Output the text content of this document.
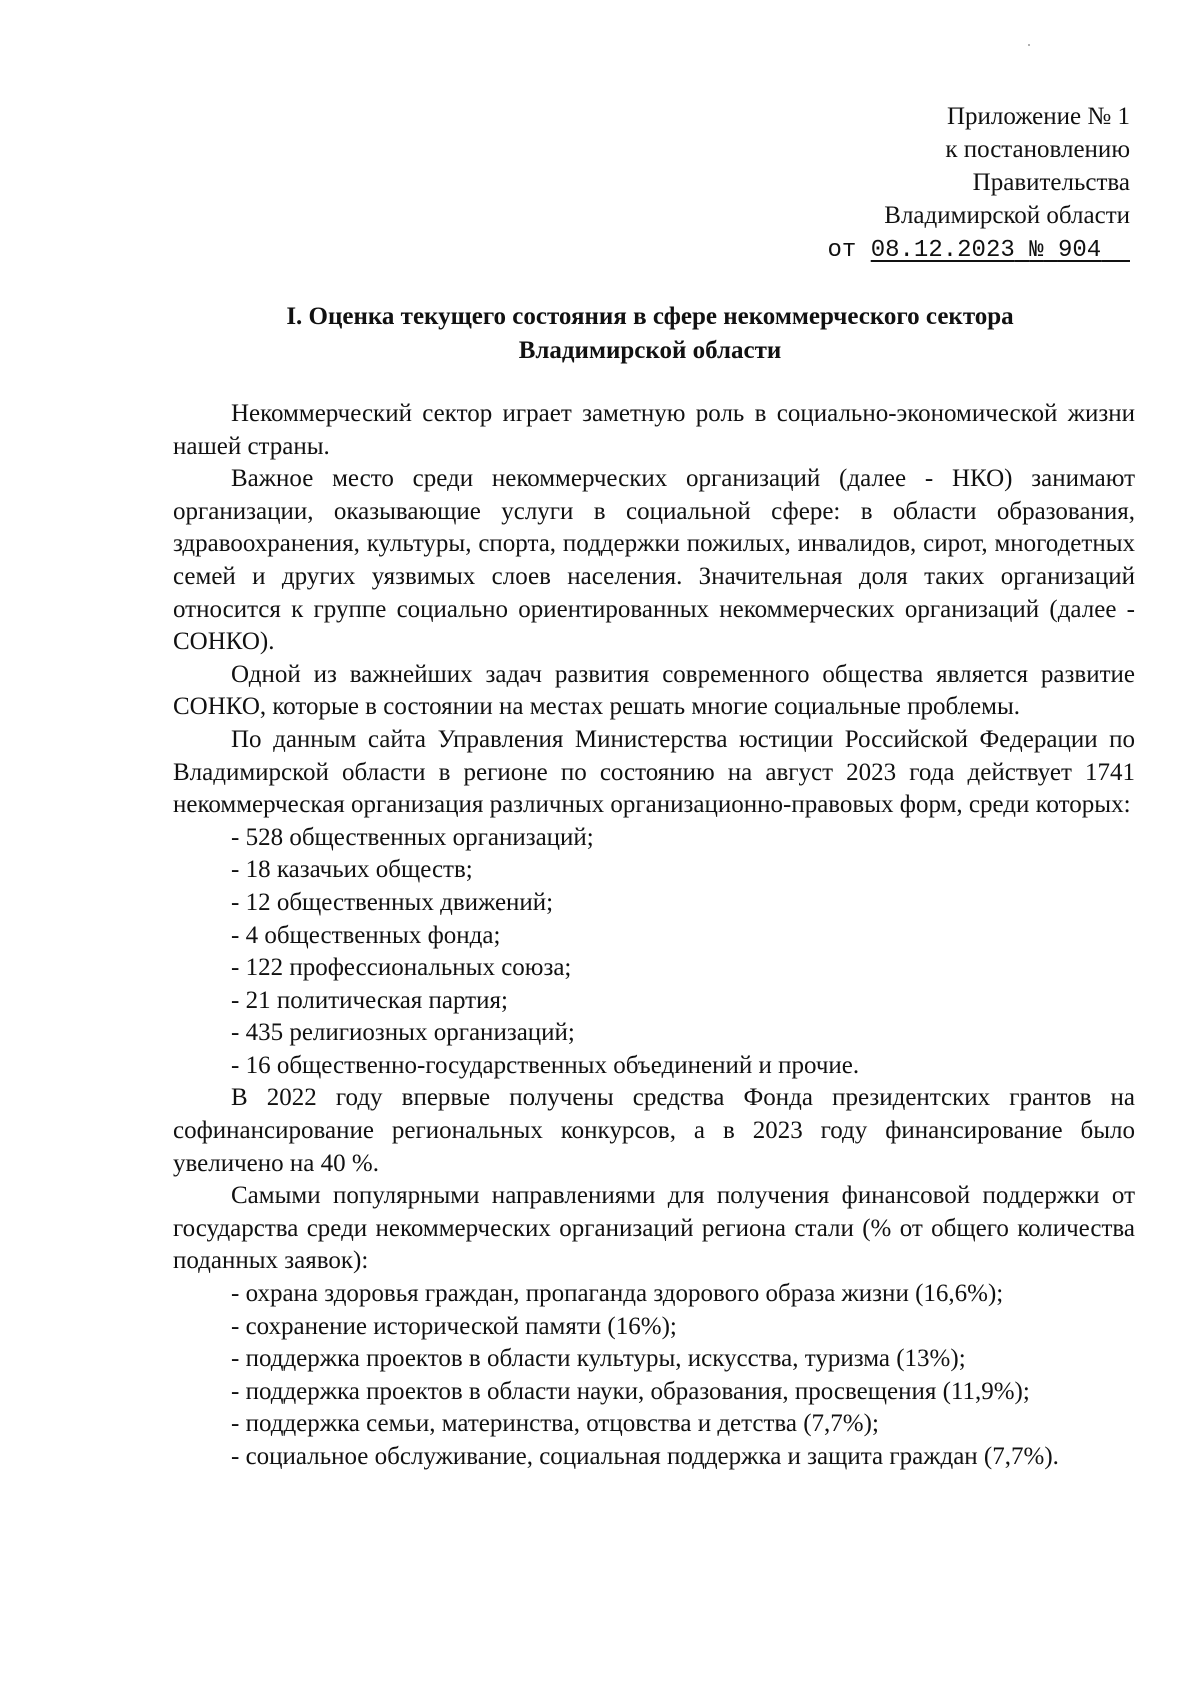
Приложение № 1
к постановлению
Правительства
Владимирской области
от 08.12.2023 № 904
I. Оценка текущего состояния в сфере некоммерческого сектора
Владимирской области

Некоммерческий сектор играет заметную роль в социально-экономической жизни нашей страны.

Важное место среди некоммерческих организаций (далее - НКО) занимают организации, оказывающие услуги в социальной сфере: в области образования, здравоохранения, культуры, спорта, поддержки пожилых, инвалидов, сирот, многодетных семей и других уязвимых слоев населения. Значительная доля таких организаций относится к группе социально ориентированных некоммерческих организаций (далее - СОНКО).

Одной из важнейших задач развития современного общества является развитие СОНКО, которые в состоянии на местах решать многие социальные проблемы.

По данным сайта Управления Министерства юстиции Российской Федерации по Владимирской области в регионе по состоянию на август 2023 года действует 1741 некоммерческая организация различных организационно-правовых форм, среди которых:

- 528 общественных организаций;
- 18 казачьих обществ;
- 12 общественных движений;
- 4 общественных фонда;
- 122 профессиональных союза;
- 21 политическая партия;
- 435 религиозных организаций;
- 16 общественно-государственных объединений и прочие.

В 2022 году впервые получены средства Фонда президентских грантов на софинансирование региональных конкурсов, а в 2023 году финансирование было увеличено на 40 %.

Самыми популярными направлениями для получения финансовой поддержки от государства среди некоммерческих организаций региона стали (% от общего количества поданных заявок):

- охрана здоровья граждан, пропаганда здорового образа жизни (16,6%);
- сохранение исторической памяти (16%);
- поддержка проектов в области культуры, искусства, туризма (13%);
- поддержка проектов в области науки, образования, просвещения (11,9%);
- поддержка семьи, материнства, отцовства и детства (7,7%);
- социальное обслуживание, социальная поддержка и защита граждан (7,7%).
